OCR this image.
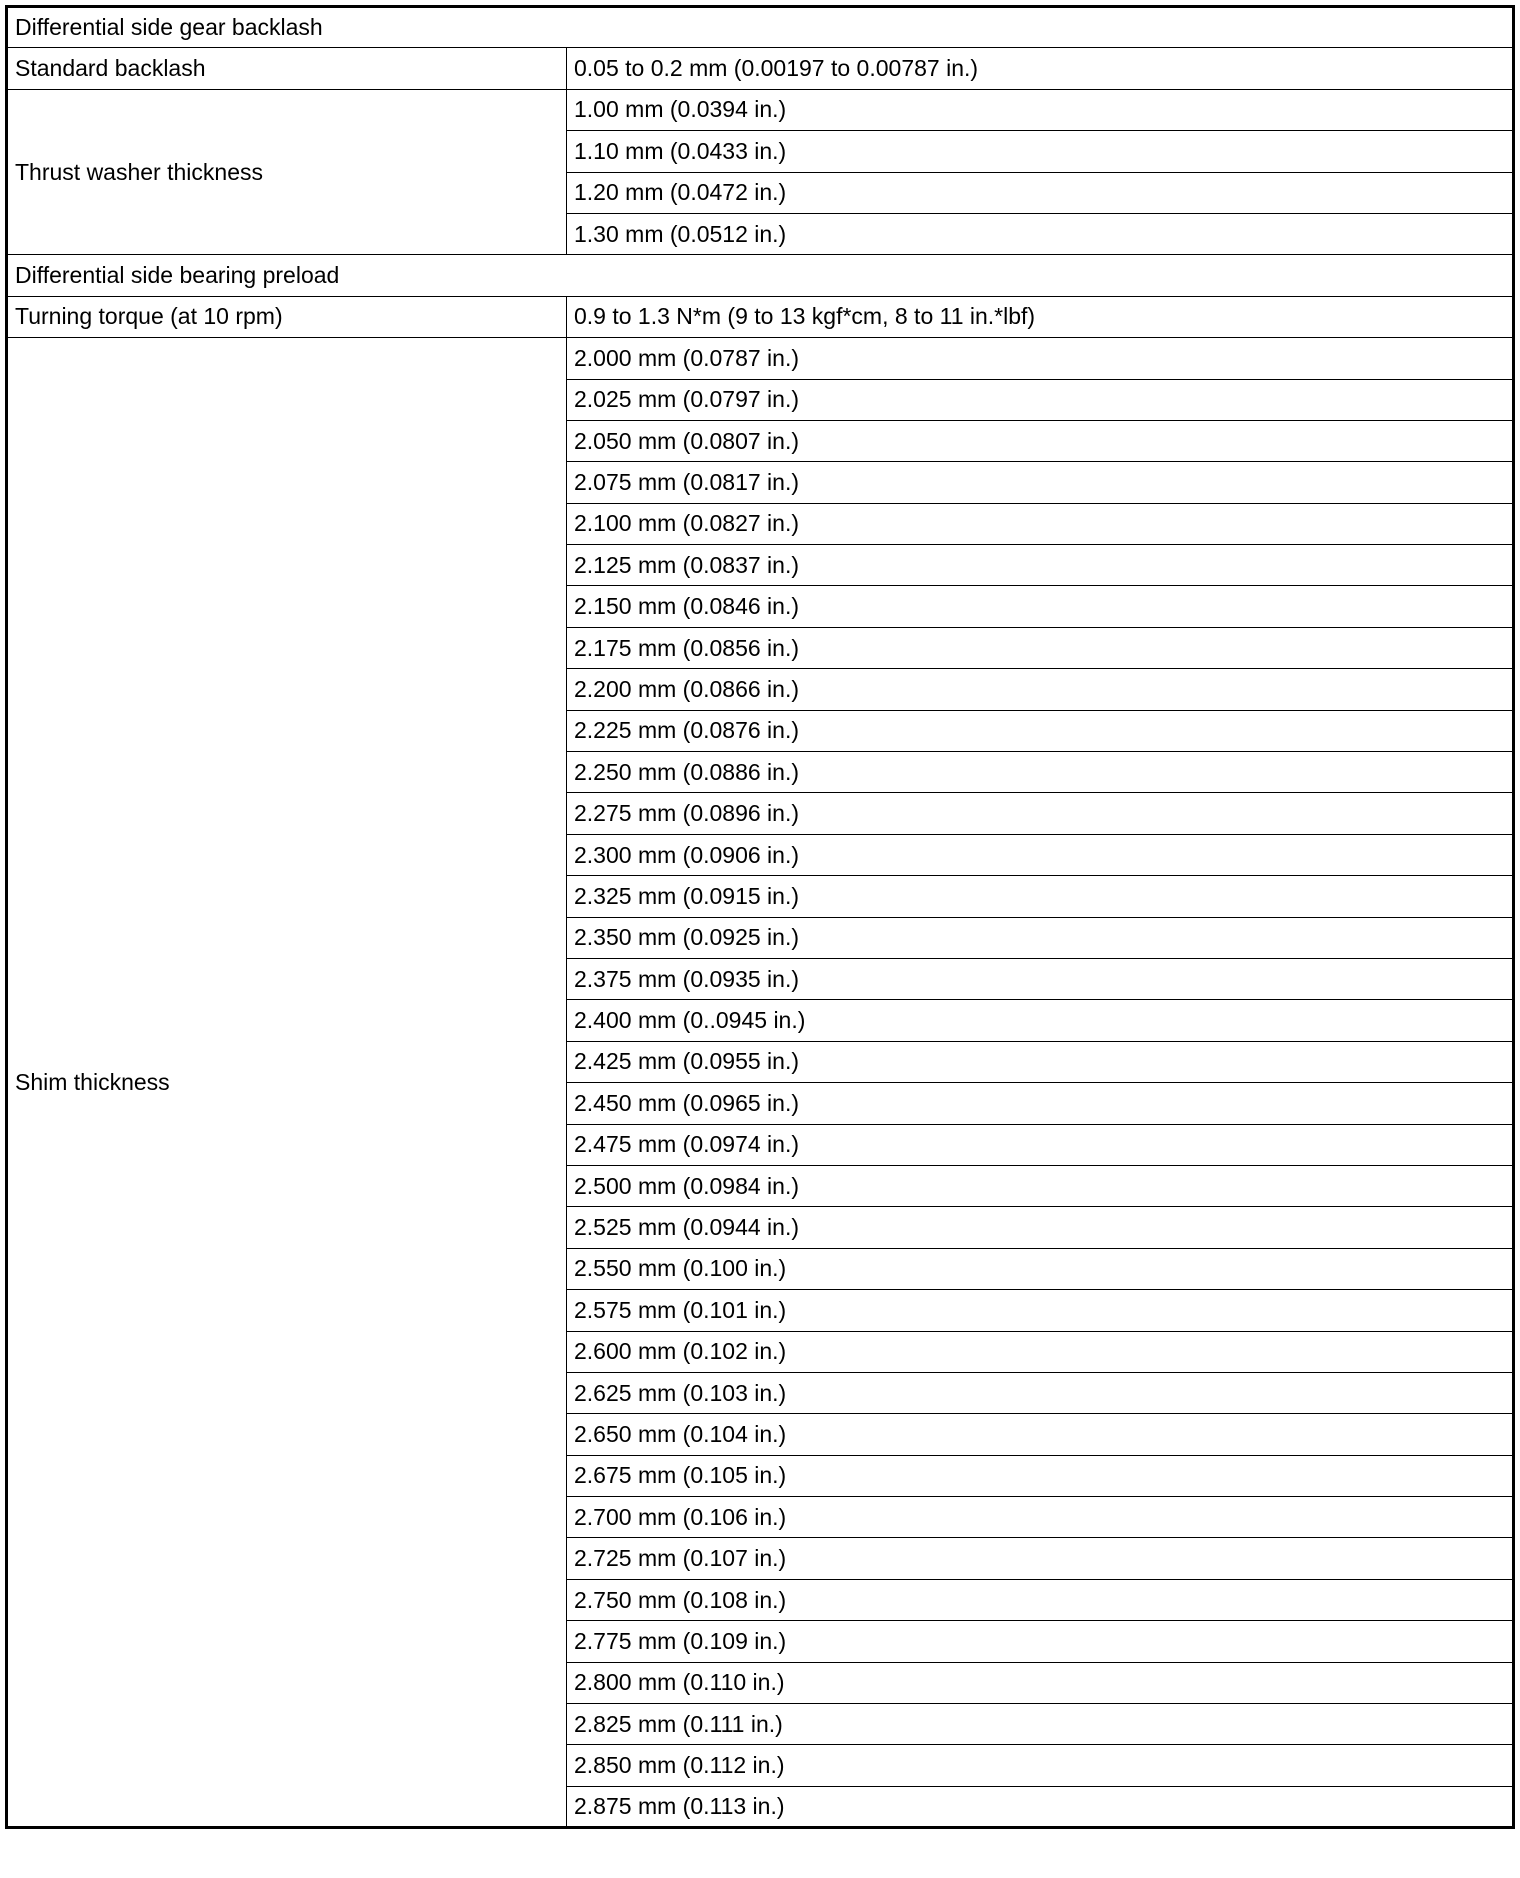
Differential side gear backlash	
Standard backlash	0.05 to 0.2 mm (0.00197 to 0.00787 in.)
Thrust washer thickness	1.00 mm (0.0394 in.)
	1.10 mm (0.0433 in.)
	1.20 mm (0.0472 in.)
	1.30 mm (0.0512 in.)
Differential side bearing preload	
Turning torque (at 10 rpm)	0.9 to 1.3 N*m (9 to 13 kgf*cm, 8 to 11 in.*lbf)
Shim thickness	2.000 mm (0.0787 in.)
	2.025 mm (0.0797 in.)
	2.050 mm (0.0807 in.)
	2.075 mm (0.0817 in.)
	2.100 mm (0.0827 in.)
	2.125 mm (0.0837 in.)
	2.150 mm (0.0846 in.)
	2.175 mm (0.0856 in.)
	2.200 mm (0.0866 in.)
	2.225 mm (0.0876 in.)
	2.250 mm (0.0886 in.)
	2.275 mm (0.0896 in.)
	2.300 mm (0.0906 in.)
	2.325 mm (0.0915 in.)
	2.350 mm (0.0925 in.)
	2.375 mm (0.0935 in.)
	2.400 mm (0..0945 in.)
	2.425 mm (0.0955 in.)
	2.450 mm (0.0965 in.)
	2.475 mm (0.0974 in.)
	2.500 mm (0.0984 in.)
	2.525 mm (0.0944 in.)
	2.550 mm (0.100 in.)
	2.575 mm (0.101 in.)
	2.600 mm (0.102 in.)
	2.625 mm (0.103 in.)
	2.650 mm (0.104 in.)
	2.675 mm (0.105 in.)
	2.700 mm (0.106 in.)
	2.725 mm (0.107 in.)
	2.750 mm (0.108 in.)
	2.775 mm (0.109 in.)
	2.800 mm (0.110 in.)
	2.825 mm (0.111 in.)
	2.850 mm (0.112 in.)
	2.875 mm (0.113 in.)
